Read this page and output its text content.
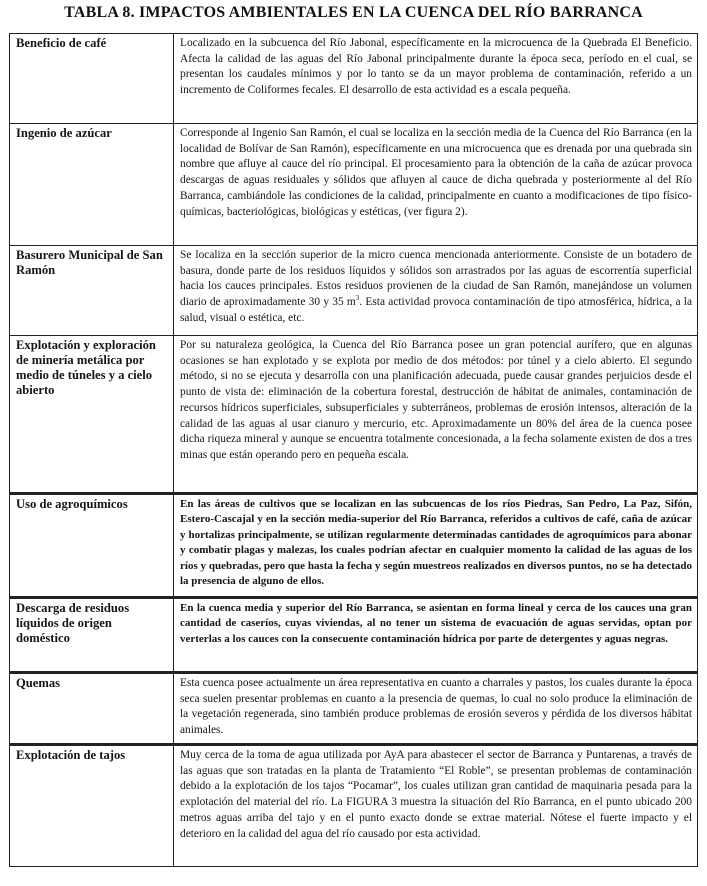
TABLA 8. IMPACTOS AMBIENTALES EN LA CUENCA DEL RÍO BARRANCA
Beneficio de café	Localizado en la subcuenca del Río Jabonal, específicamente en la microcuenca de la Quebrada El Beneficio. Afecta la calidad de las aguas del Río Jabonal principalmente durante la época seca, período en el cual, se presentan los caudales mínimos y por lo tanto se da un mayor problema de contaminación, referido a un incremento de Coliformes fecales. El desarrollo de esta actividad es a escala pequeña.
Ingenio de azúcar	Corresponde al Ingenio San Ramón, el cual se localiza en la sección media de la Cuenca del Río Barranca (en la localidad de Bolívar de San Ramón), específicamente en una microcuenca que es drenada por una quebrada sin nombre que afluye al cauce del río principal. El procesamiento para la obtención de la caña de azúcar provoca descargas de aguas residuales y sólidos que afluyen al cauce de dicha quebrada y posteriormente al del Río Barranca, cambiándole las condiciones de la calidad, principalmente en cuanto a modificaciones de tipo físico-químicas, bacteriológicas, biológicas y estéticas, (ver figura 2).
Basurero Municipal de San Ramón	Se localiza en la sección superior de la micro cuenca mencionada anteriormente. Consiste de un botadero de basura, donde parte de los residuos líquidos y sólidos son arrastrados por las aguas de escorrentía superficial hacia los cauces principales. Estos residuos provienen de la ciudad de San Ramón, manejándose un volumen diario de aproximadamente 30 y 35 $m^3$. Esta actividad provoca contaminación de tipo atmosférica, hídrica, a la salud, visual o estética, etc.
Explotación y exploración de minería metálica por medio de túneles y a cielo abierto	Por su naturaleza geológica, la Cuenca del Río Barranca posee un gran potencial aurífero, que en algunas ocasiones se han explotado y se explota por medio de dos métodos: por túnel y a cielo abierto. El segundo método, si no se ejecuta y desarrolla con una planificación adecuada, puede causar grandes perjuicios desde el punto de vista de: eliminación de la cobertura forestal, destrucción de hábitat de animales, contaminación de recursos hídricos superficiales, subsuperficiales y subterráneos, problemas de erosión intensos, alteración de la calidad de las aguas al usar cianuro y mercurio, etc. Aproximadamente un 80% del área de la cuenca posee dicha riqueza mineral y aunque se encuentra totalmente concesionada, a la fecha solamente existen de dos a tres minas que están operando pero en pequeña escala.
Uso de agroquímicos	En las áreas de cultivos que se localizan en las subcuencas de los ríos Piedras, San Pedro, La Paz, Sifón, Estero-Cascajal y en la sección media-superior del Río Barranca, referidos a cultivos de café, caña de azúcar y hortalizas principalmente, se utilizan regularmente determinadas cantidades de agroquímicos para abonar y combatir plagas y malezas, los cuales podrían afectar en cualquier momento la calidad de las aguas de los ríos y quebradas, pero que hasta la fecha y según muestreos realizados en diversos puntos, no se ha detectado la presencia de alguno de ellos.
Descarga de residuos líquidos de origen doméstico	En la cuenca media y superior del Río Barranca, se asientan en forma lineal y cerca de los cauces una gran cantidad de caseríos, cuyas viviendas, al no tener un sistema de evacuación de aguas servidas, optan por verterlas a los cauces con la consecuente contaminación hídrica por parte de detergentes y aguas negras.
Quemas	Esta cuenca posee actualmente un área representativa en cuanto a charrales y pastos, los cuales durante la época seca suelen presentar problemas en cuanto a la presencia de quemas, lo cual no solo produce la eliminación de la vegetación regenerada, sino también produce problemas de erosión severos y pérdida de los diversos hábitat animales.
Explotación de tajos	Muy cerca de la toma de agua utilizada por AyA para abastecer el sector de Barranca y Puntarenas, a través de las aguas que son tratadas en la planta de Tratamiento “El Roble”, se presentan problemas de contaminación debido a la explotación de los tajos “Pocamar”, los cuales utilizan gran cantidad de maquinaria pesada para la explotación del material del río. La FIGURA 3 muestra la situación del Río Barranca, en el punto ubicado 200 metros aguas arriba del tajo y en el punto exacto donde se extrae material. Nótese el fuerte impacto y el deterioro en la calidad del agua del río causado por esta actividad.
